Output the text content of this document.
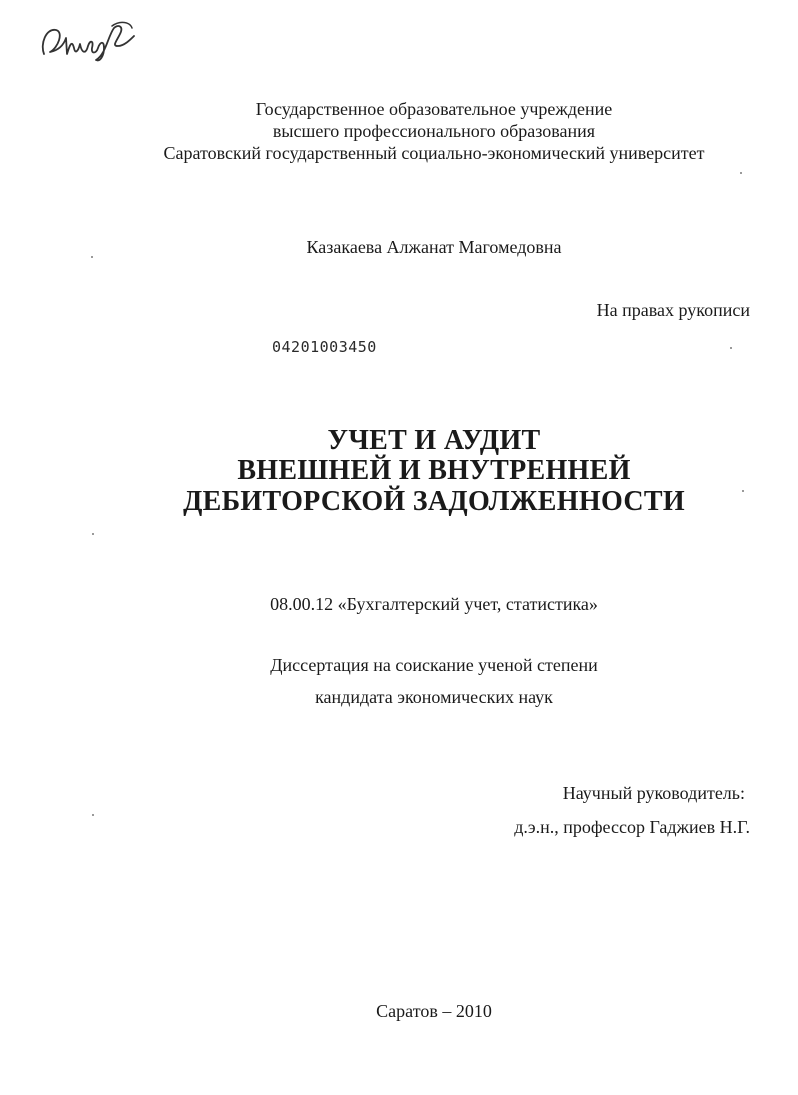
Государственное образовательное учреждение
высшего профессионального образования
Саратовский государственный социально-экономический университет
Казакаева Алжанат Магомедовна
На правах рукописи
04201003450
УЧЕТ И АУДИТ
ВНЕШНЕЙ И ВНУТРЕННЕЙ
ДЕБИТОРСКОЙ ЗАДОЛЖЕННОСТИ
08.00.12 «Бухгалтерский учет, статистика»
Диссертация на соискание ученой степени
кандидата экономических наук
Научный руководитель:
д.э.н., профессор Гаджиев Н.Г.
Саратов – 2010
